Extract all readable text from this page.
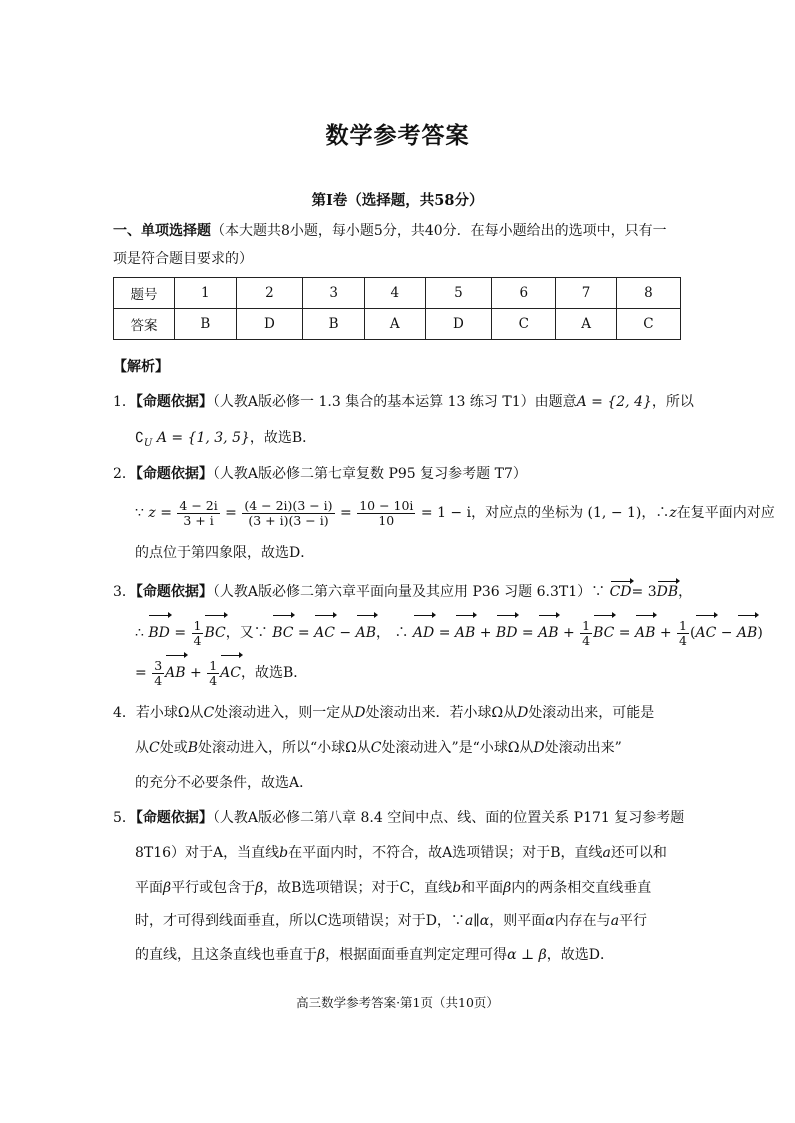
数学参考答案
第Ⅰ卷（选择题，共58分）
一、单项选择题（本大题共8小题，每小题5分，共40分．在每小题给出的选项中，只有一
项是符合题目要求的）
题号	1	2	3	4	5	6	7	8
答案	B	D	B	A	D	C	A	C
【解析】
1．【命题依据】（人教A版必修一 1.3 集合的基本运算 13 练习 T1）由题意A = {2, 4}，所以
$∁_U$ A = {1, 3, 5}，故选B．
2．【命题依据】（人教A版必修二第七章复数 P95 复习参考题 T7）
∵ $z = \frac{4 - 2i}{3 + i} = \frac{(4 - 2i)(3 - i)}{(3 + i)(3 - i)} = \frac{10 - 10i}{10} = 1 - i$，对应点的坐标为 (1, − 1)，∴z在复平面内对应
的点位于第四象限，故选D．
3．【命题依据】（人教A版必修二第六章平面向量及其应用 P36 习题 6.3T1）∵ CD= 3DB，
∴ BD = $\frac{1}{4}$ BC，又∵ BC = AC − AB， ∴ AD = AB + BD = AB + $\frac{1}{4}$ BC = AB + $\frac{1}{4} (AC - AB)$
= $\frac{3}{4}$ AB + $\frac{1}{4}$ AC，故选B．
4．若小球Ω从C处滚动进入，则一定从D处滚动出来．若小球Ω从D处滚动出来，可能是
从C处或B处滚动进入，所以“小球Ω从C处滚动进入”是“小球Ω从D处滚动出来”
的充分不必要条件，故选A．
5．【命题依据】（人教A版必修二第八章 8.4 空间中点、线、面的位置关系 P171 复习参考题
8T16）对于A，当直线b在平面内时，不符合，故A选项错误；对于B，直线a还可以和
平面β平行或包含于β，故B选项错误；对于C，直线b和平面β内的两条相交直线垂直
时，才可得到线面垂直，所以C选项错误；对于D，∵a∥α，则平面α内存在与a平行
的直线，且这条直线也垂直于β，根据面面垂直判定定理可得α ⊥ β，故选D．
高三数学参考答案·第1页（共10页）
